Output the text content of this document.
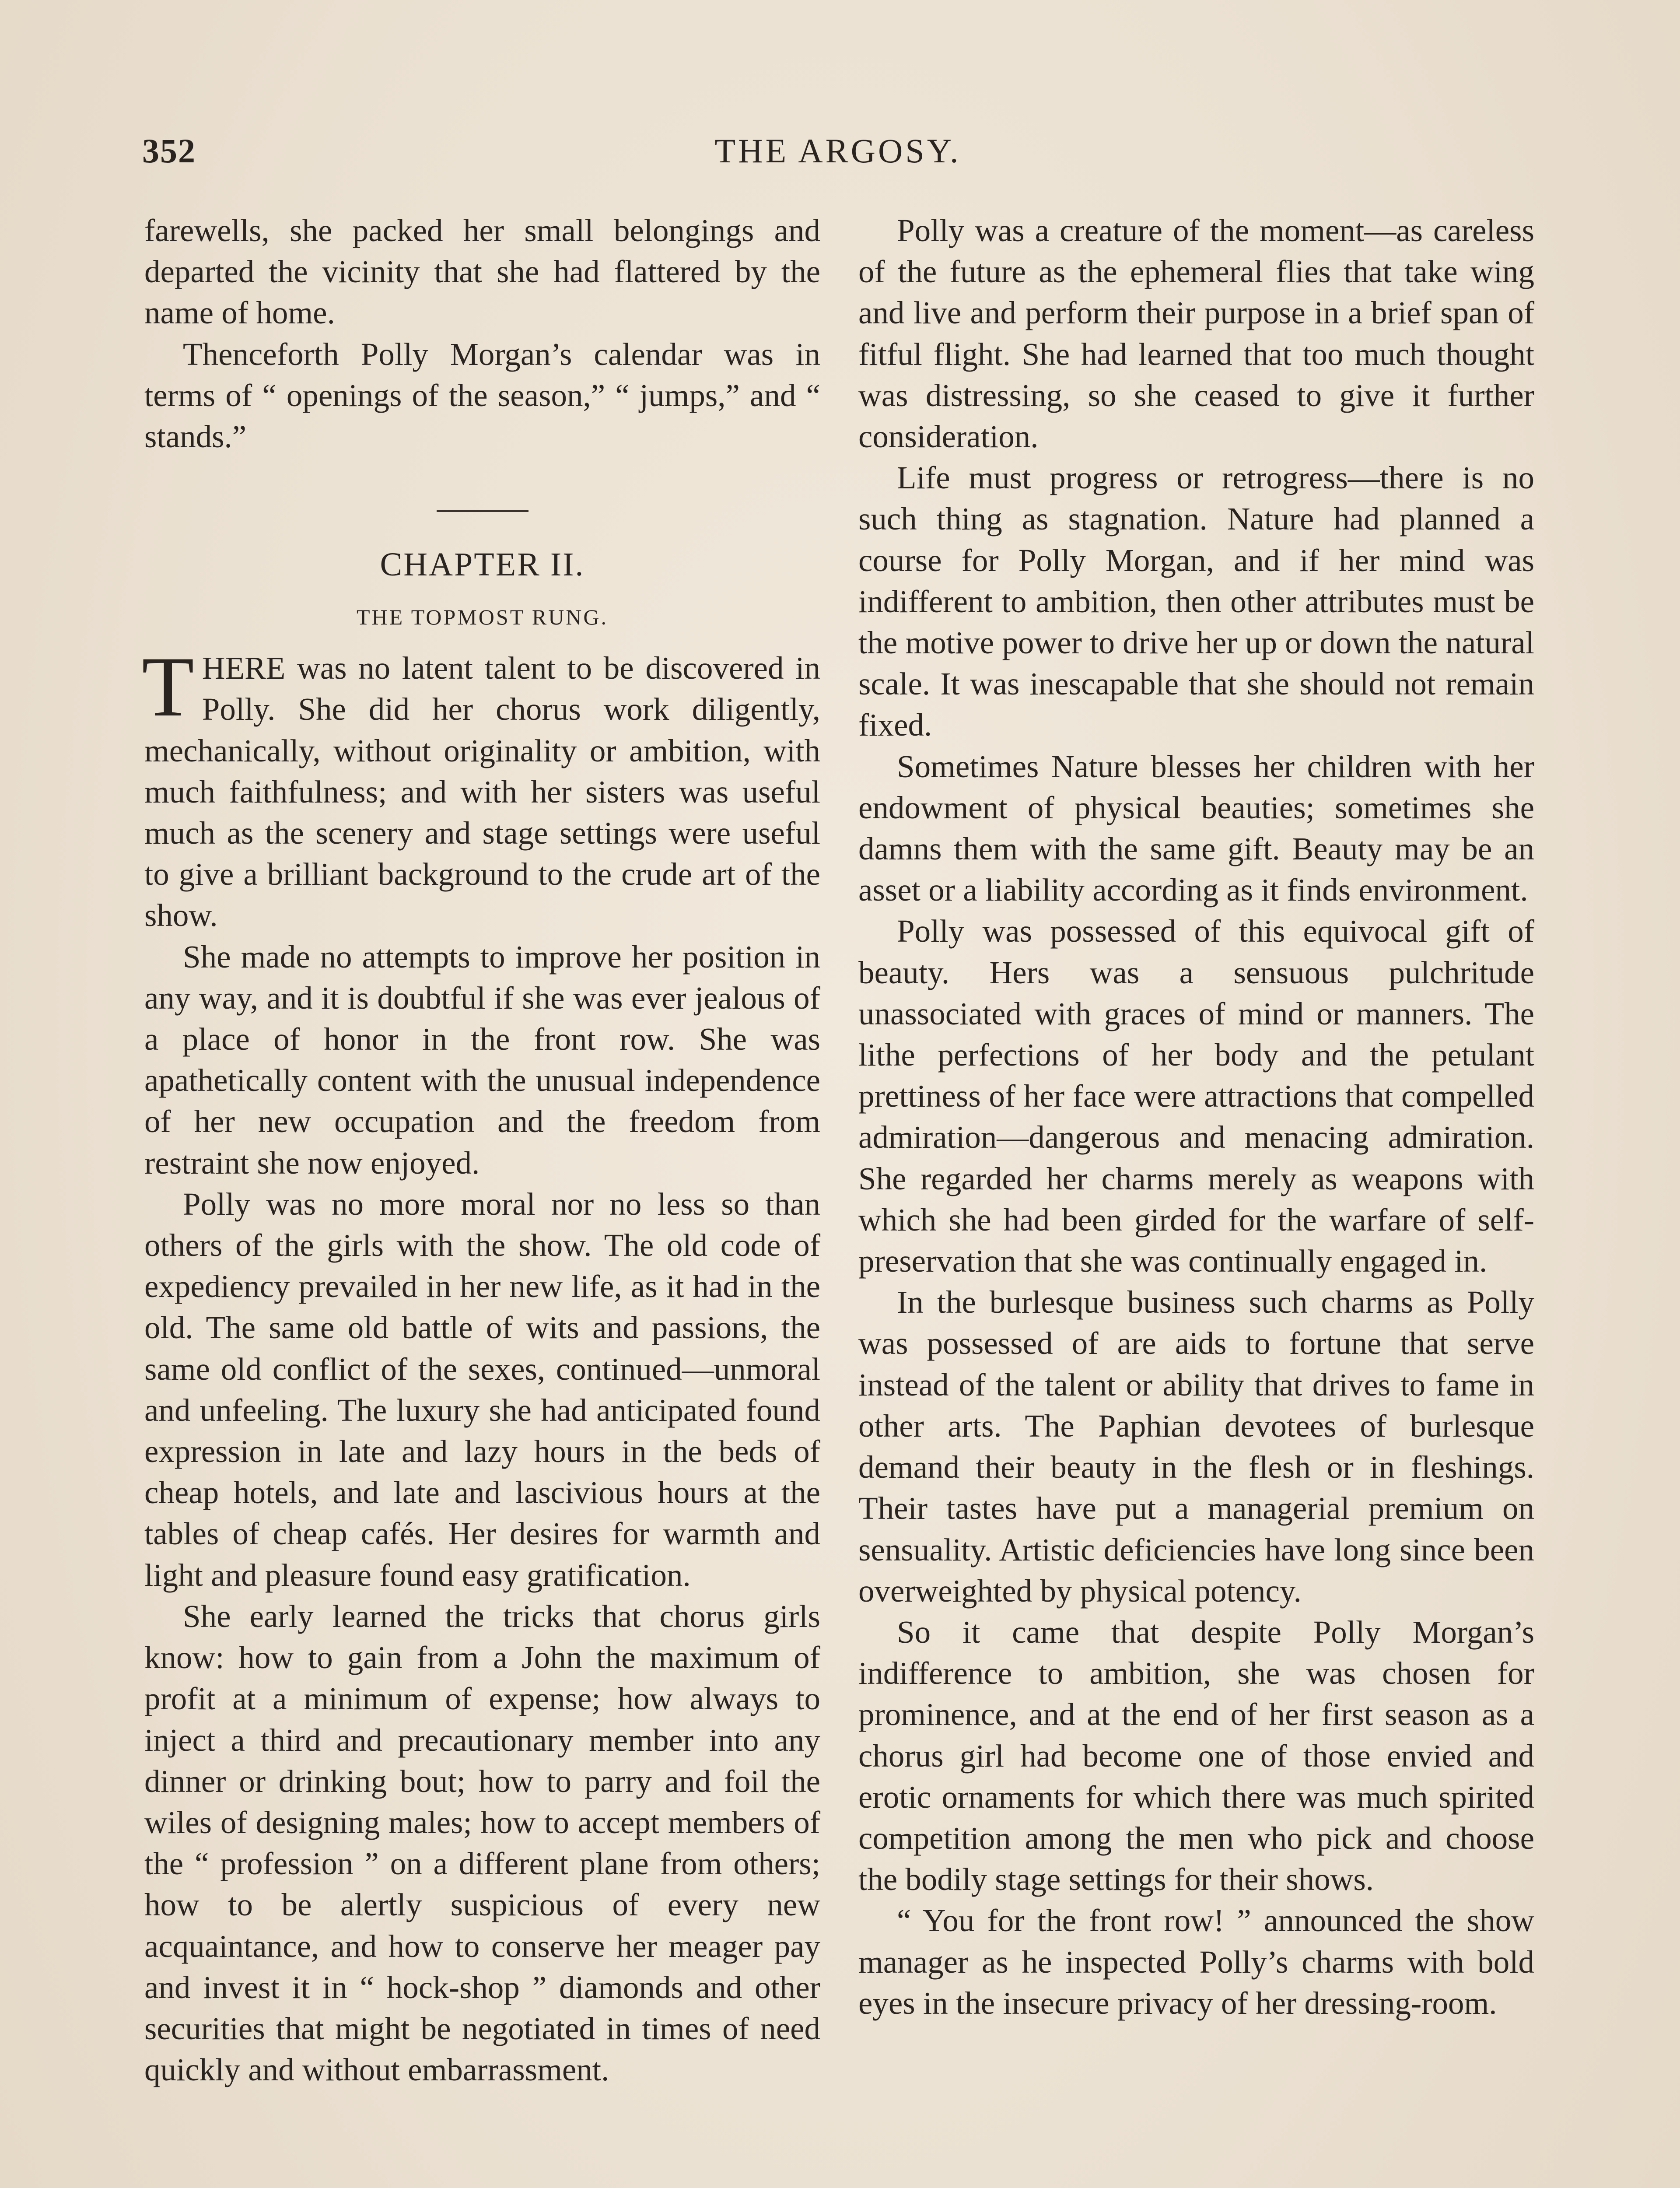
352	THE ARGOSY.

farewells, she packed her small belongings and departed the vicinity that she had flattered by the name of home.

Thenceforth Polly Morgan’s calendar was in terms of “ openings of the season,” “ jumps,” and “ stands.”

CHAPTER II.
THE TOPMOST RUNG.

THERE was no latent talent to be discovered in Polly. She did her chorus work diligently, mechanically, without originality or ambition, with much faithfulness; and with her sisters was useful much as the scenery and stage settings were useful to give a brilliant background to the crude art of the show.

She made no attempts to improve her position in any way, and it is doubtful if she was ever jealous of a place of honor in the front row. She was apathetically content with the unusual independence of her new occupation and the freedom from restraint she now enjoyed.

Polly was no more moral nor no less so than others of the girls with the show. The old code of expediency prevailed in her new life, as it had in the old. The same old battle of wits and passions, the same old conflict of the sexes, continued—unmoral and unfeeling. The luxury she had anticipated found expression in late and lazy hours in the beds of cheap hotels, and late and lascivious hours at the tables of cheap cafés. Her desires for warmth and light and pleasure found easy gratification.

She early learned the tricks that chorus girls know: how to gain from a John the maximum of profit at a minimum of expense; how always to inject a third and precautionary member into any dinner or drinking bout; how to parry and foil the wiles of designing males; how to accept members of the “ profession ” on a different plane from others; how to be alertly suspicious of every new acquaintance, and how to conserve her meager pay and invest it in “ hock-shop ” diamonds and other securities that might be negotiated in times of need quickly and without embarrassment.

Polly was a creature of the moment—as careless of the future as the ephemeral flies that take wing and live and perform their purpose in a brief span of fitful flight. She had learned that too much thought was distressing, so she ceased to give it further consideration.

Life must progress or retrogress—there is no such thing as stagnation. Nature had planned a course for Polly Morgan, and if her mind was indifferent to ambition, then other attributes must be the motive power to drive her up or down the natural scale. It was inescapable that she should not remain fixed.

Sometimes Nature blesses her children with her endowment of physical beauties; sometimes she damns them with the same gift. Beauty may be an asset or a liability according as it finds environment.

Polly was possessed of this equivocal gift of beauty. Hers was a sensuous pulchritude unassociated with graces of mind or manners. The lithe perfections of her body and the petulant prettiness of her face were attractions that compelled admiration—dangerous and menacing admiration. She regarded her charms merely as weapons with which she had been girded for the warfare of self-preservation that she was continually engaged in.

In the burlesque business such charms as Polly was possessed of are aids to fortune that serve instead of the talent or ability that drives to fame in other arts. The Paphian devotees of burlesque demand their beauty in the flesh or in fleshings. Their tastes have put a managerial premium on sensuality. Artistic deficiencies have long since been overweighted by physical potency.

So it came that despite Polly Morgan’s indifference to ambition, she was chosen for prominence, and at the end of her first season as a chorus girl had become one of those envied and erotic ornaments for which there was much spirited competition among the men who pick and choose the bodily stage settings for their shows.

“ You for the front row! ” announced the show manager as he inspected Polly’s charms with bold eyes in the insecure privacy of her dressing-room.
